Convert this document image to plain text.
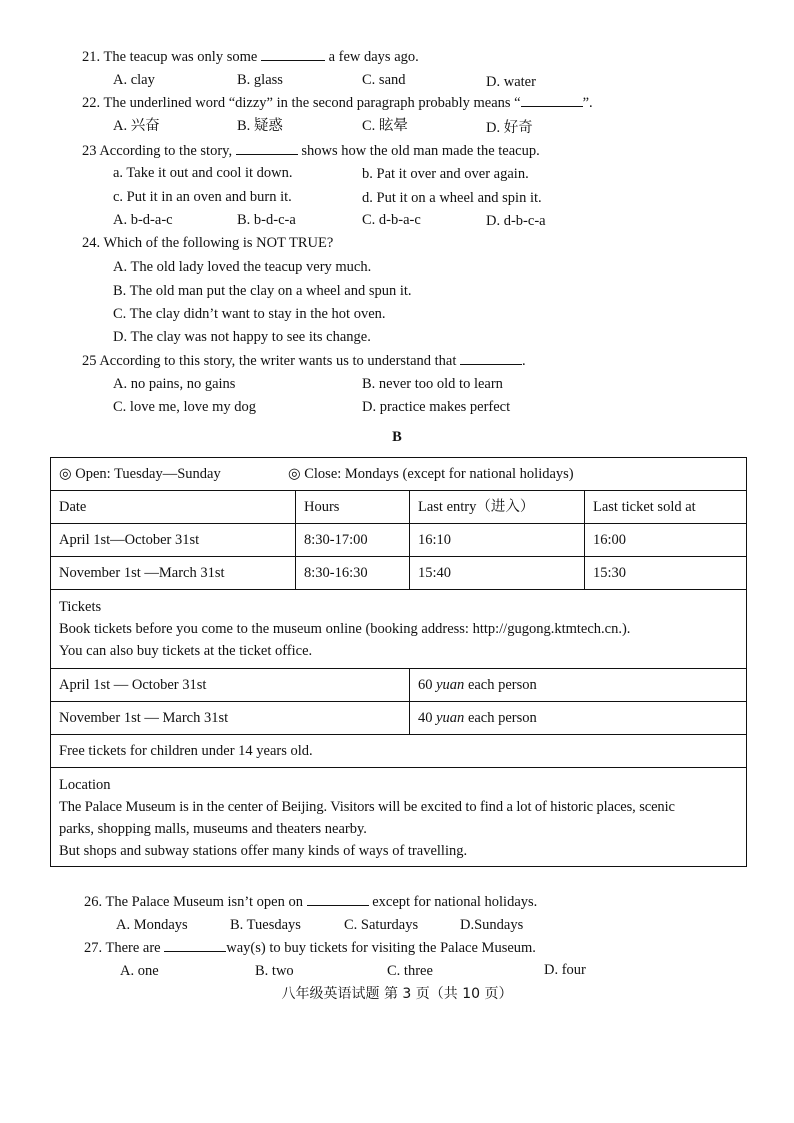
21. The teacup was only some	a few days ago.
A. clay	B. glass	C. sand	D. water
22. The underlined word “dizzy” in the second paragraph probably means “	”.
A. 兴奋	B. 疑惑	C. 眩晕	D. 好奇
23 According to the story,	shows how the old man made the teacup.
a. Take it out and cool it down.	b. Pat it over and over again.
c. Put it in an oven and burn it.	d. Put it on a wheel and spin it.
A. b-d-a-c	B. b-d-c-a	C. d-b-a-c	D. d-b-c-a
24. Which of the following is NOT TRUE?
A. The old lady loved the teacup very much.
B. The old man put the clay on a wheel and spun it.
C. The clay didn’t want to stay in the hot oven.
D. The clay was not happy to see its change.
25 According to this story, the writer wants us to understand that	.
A. no pains, no gains	B. never too old to learn
C. love me, love my dog	D. practice makes perfect
B
◎ Open: Tuesday—Sunday ◎ Close: Mondays (except for national holidays)			
Date	Hours	Last entry（进入）	Last ticket sold at
April 1st—October 31st	8:30-17:00	16:10	16:00
November 1st —March 31st	8:30-16:30	15:40	15:30

Tickets
Book tickets before you come to the museum online (booking address: http://gugong.ktmtech.cn.).
You can also buy tickets at the ticket office.			

April 1st — October 31st		60 yuan each person	
November 1st — March 31st		40 yuan each person	
Free tickets for children under 14 years old.			

Location
The Palace Museum is in the center of Beijing. Visitors will be excited to find a lot of historic places, scenic
parks, shopping malls, museums and theaters nearby.
But shops and subway stations offer many kinds of ways of travelling.			
26. The Palace Museum isn’t open on	except for national holidays.
A. Mondays	B. Tuesdays	C. Saturdays	D.Sundays
27. There are	way(s) to buy tickets for visiting the Palace Museum.
A. one	B. two	C. three	D. four
八年级英语试题 第 3 页（共 10 页）
